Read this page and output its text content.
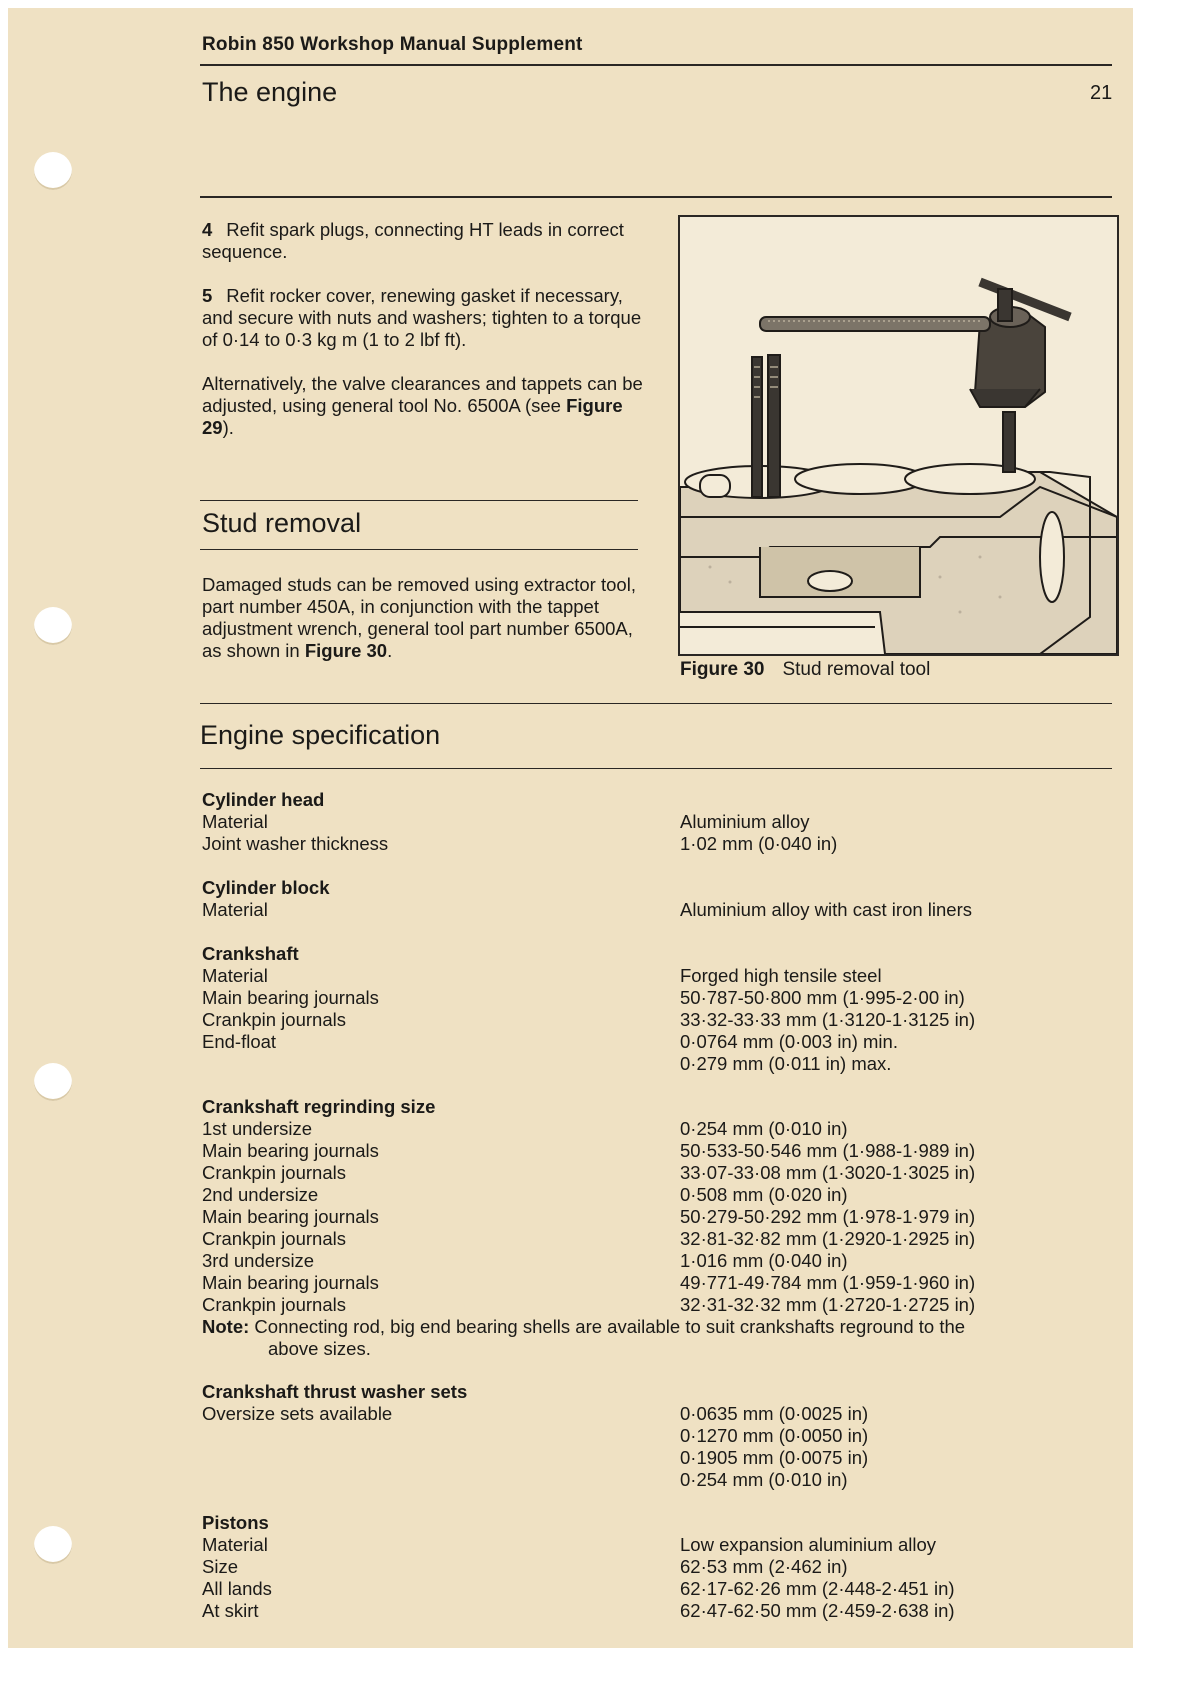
Robin 850 Workshop Manual Supplement
The engine	21
4 Refit spark plugs, connecting HT leads in correct sequence.
5 Refit rocker cover, renewing gasket if necessary, and secure with nuts and washers; tighten to a torque of 0·14 to 0·3 kg m (1 to 2 lbf ft).
Alternatively, the valve clearances and tappets can be adjusted, using general tool No. 6500A (see Figure 29).
Stud removal
Damaged studs can be removed using extractor tool, part number 450A, in conjunction with the tappet adjustment wrench, general tool part number 6500A, as shown in Figure 30.
Figure 30 Stud removal tool
Engine specification
Cylinder head
Material	Aluminium alloy
Joint washer thickness	1·02 mm (0·040 in)
Cylinder block
Material	Aluminium alloy with cast iron liners
Crankshaft
Material	Forged high tensile steel
Main bearing journals	50·787-50·800 mm (1·995-2·00 in)
Crankpin journals	33·32-33·33 mm (1·3120-1·3125 in)
End-float	0·0764 mm (0·003 in) min.
0·279 mm (0·011 in) max.
Crankshaft regrinding size
1st undersize	0·254 mm (0·010 in)
Main bearing journals	50·533-50·546 mm (1·988-1·989 in)
Crankpin journals	33·07-33·08 mm (1·3020-1·3025 in)
2nd undersize	0·508 mm (0·020 in)
Main bearing journals	50·279-50·292 mm (1·978-1·979 in)
Crankpin journals	32·81-32·82 mm (1·2920-1·2925 in)
3rd undersize	1·016 mm (0·040 in)
Main bearing journals	49·771-49·784 mm (1·959-1·960 in)
Crankpin journals	32·31-32·32 mm (1·2720-1·2725 in)
Note: Connecting rod, big end bearing shells are available to suit crankshafts reground to the
above sizes.
Crankshaft thrust washer sets
Oversize sets available	0·0635 mm (0·0025 in)
0·1270 mm (0·0050 in)
0·1905 mm (0·0075 in)
0·254 mm (0·010 in)
Pistons
Material	Low expansion aluminium alloy
Size	62·53 mm (2·462 in)
All lands	62·17-62·26 mm (2·448-2·451 in)
At skirt	62·47-62·50 mm (2·459-2·638 in)
